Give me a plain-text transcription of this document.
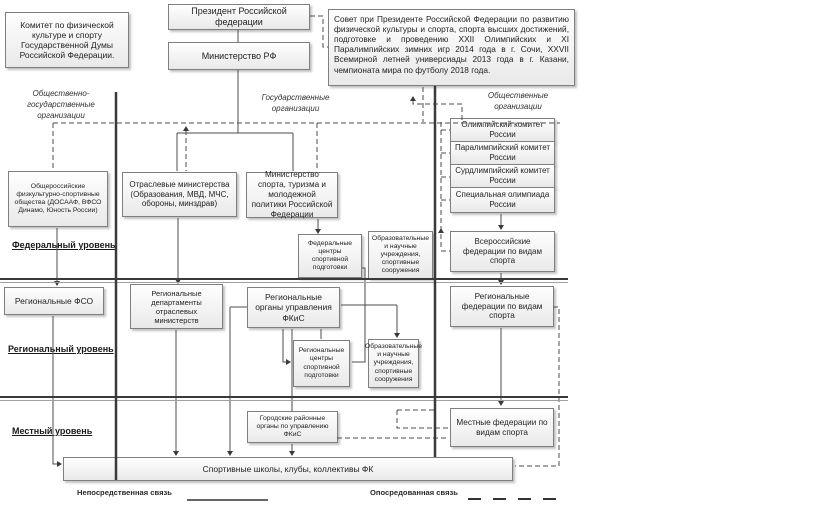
Комитет по физической культуре и спорту Государственной Думы Российской Федерации.
Президент Российской федерации
Министерство РФ
Совет при Президенте Российской Федерации по развитию физической культуры и спорта, спорта высших достижений, подготовке и проведению XXII Олимпийских и XI Паралимпийских зимних игр 2014 года в г. Сочи, XXVII Всемирной летней универсиады 2013 года в г. Казани, чемпионата мира по футболу 2018 года.
Олимпийский комитет России
Паралимпийский комитет России
Сурдлимпийский комитет России
Специальная олимпиада России
Общероссийские физкультурно-спортивные общества (ДОСААФ, ВФСО Динамо, Юность России)
Отраслевые министерства (Образования, МВД, МЧС, обороны, минздрав)
Министерство спорта, туризма и молодежной политики Российской Федерации
Федеральные центры спортивной подготовки
Образовательные и научные учреждения, спортивные сооружения
Всероссийские федерации по видам спорта
Региональные ФСО
Региональные департаменты отраслевых министерств
Региональные органы управления ФКиС
Региональные центры спортивной подготовки
Образовательные и научные учреждения, спортивные сооружения
Региональные федерации по видам спорта
Городские районные органы по управлению ФКиС
Местные федерации по видам спорта
Спортивные школы, клубы, коллективы ФК
Общественно-государственные организации
Государственные организации
Общественные организации
Федеральный уровень
Региональный уровень
Местный уровень
Непосредственная связь	Опосредованная связь
